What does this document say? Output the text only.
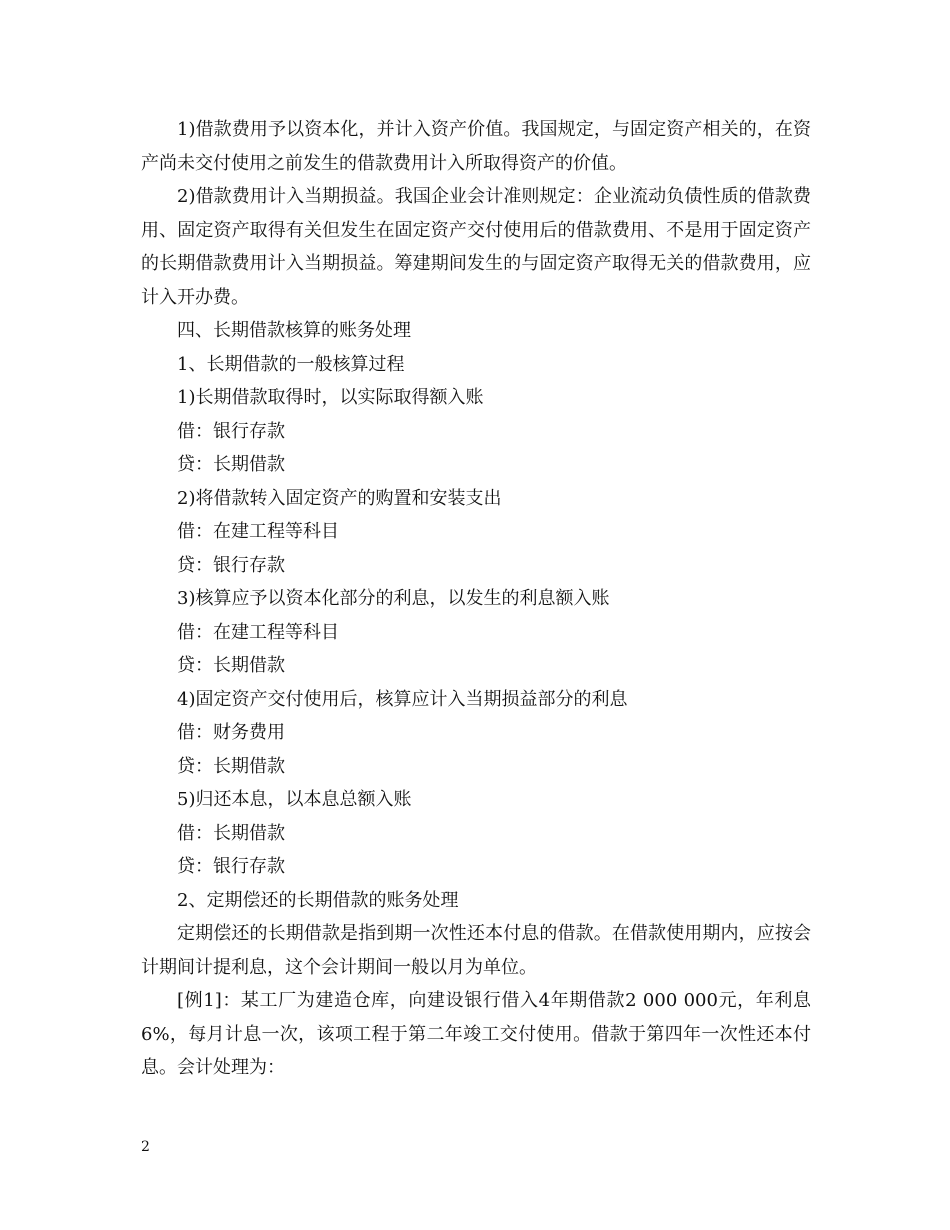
1)借款费用予以资本化，并计入资产价值。我国规定，与固定资产相关的，在资产尚未交付使用之前发生的借款费用计入所取得资产的价值。

2)借款费用计入当期损益。我国企业会计准则规定：企业流动负债性质的借款费用、固定资产取得有关但发生在固定资产交付使用后的借款费用、不是用于固定资产的长期借款费用计入当期损益。筹建期间发生的与固定资产取得无关的借款费用，应计入开办费。

四、长期借款核算的账务处理

1、长期借款的一般核算过程

1)长期借款取得时，以实际取得额入账

借：银行存款

贷：长期借款

2)将借款转入固定资产的购置和安装支出

借：在建工程等科目

贷：银行存款

3)核算应予以资本化部分的利息，以发生的利息额入账

借：在建工程等科目

贷：长期借款

4)固定资产交付使用后，核算应计入当期损益部分的利息

借：财务费用

贷：长期借款

5)归还本息，以本息总额入账

借：长期借款

贷：银行存款

2、定期偿还的长期借款的账务处理

定期偿还的长期借款是指到期一次性还本付息的借款。在借款使用期内，应按会计期间计提利息，这个会计期间一般以月为单位。

[例1]：某工厂为建造仓库，向建设银行借入4年期借款2 000 000元，年利息6%，每月计息一次，该项工程于第二年竣工交付使用。借款于第四年一次性还本付息。会计处理为：

2
